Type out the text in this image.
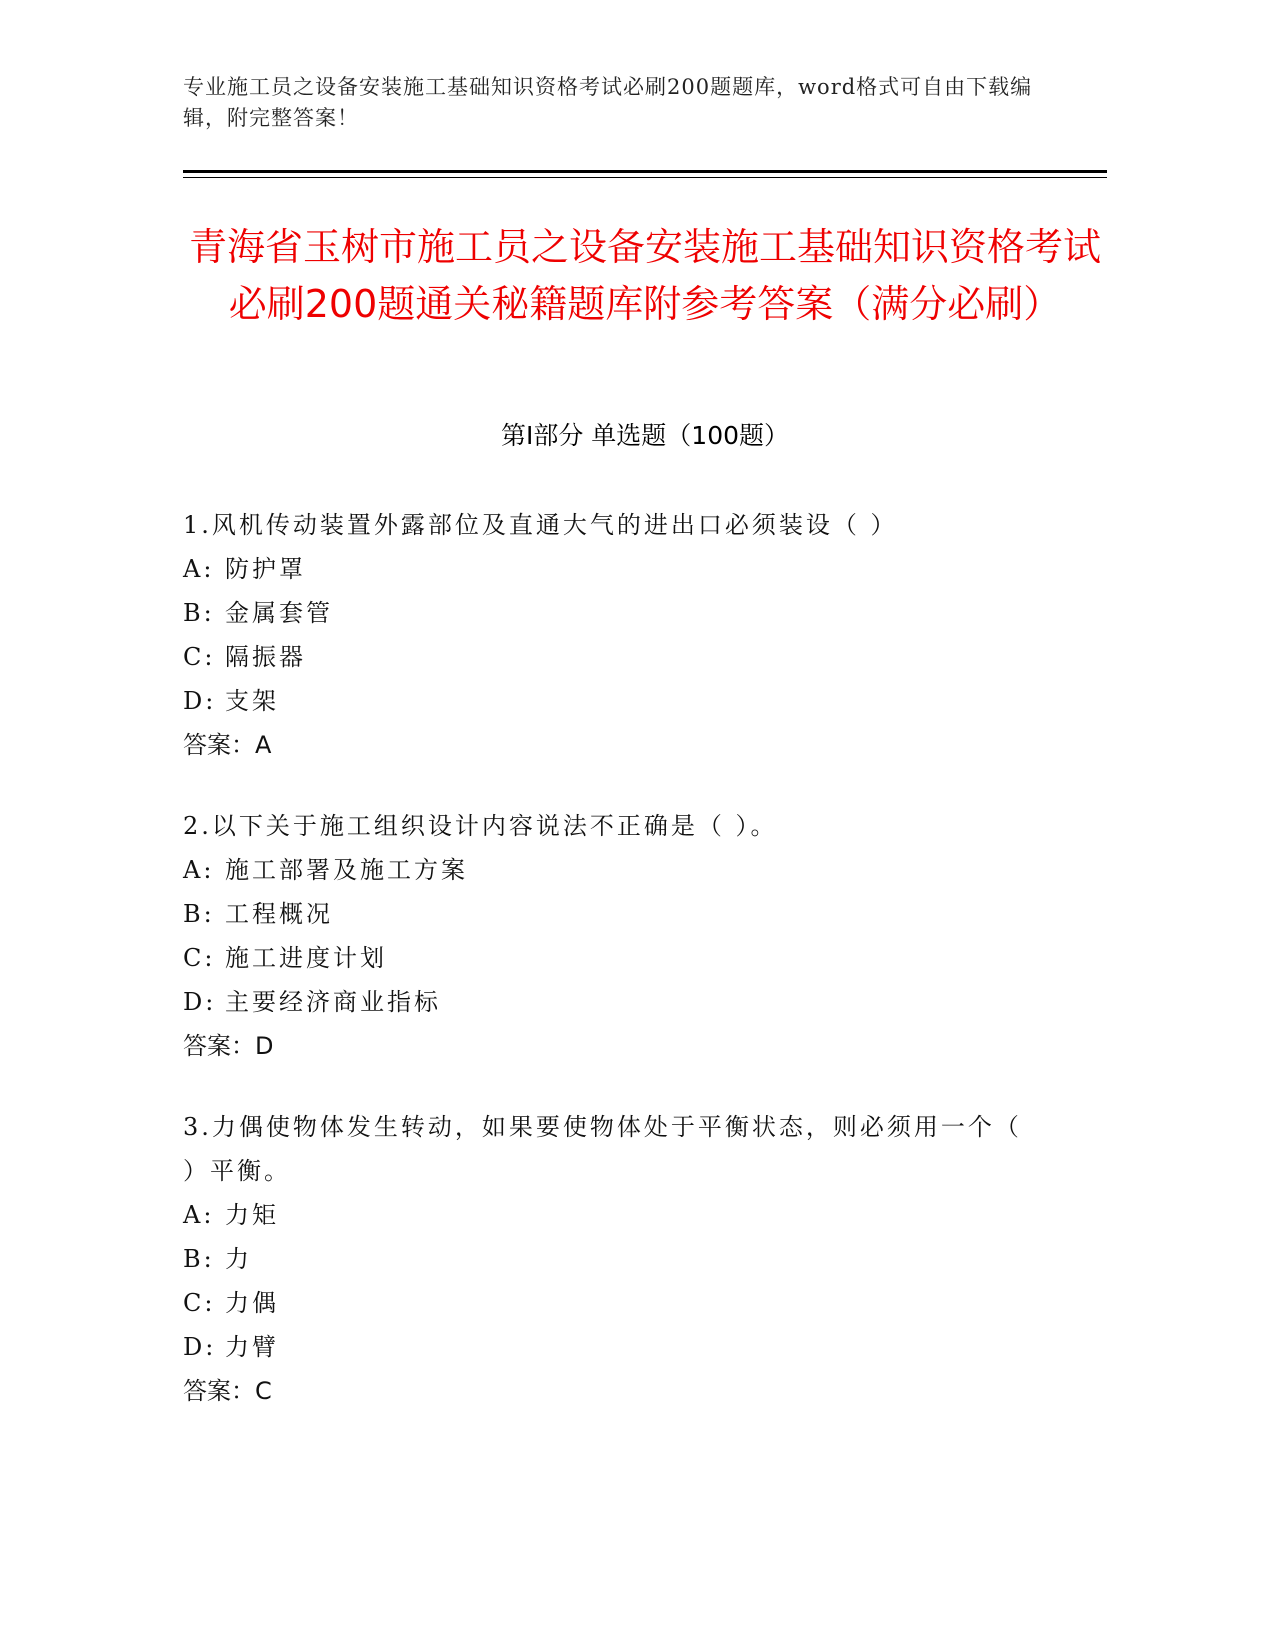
专业施工员之设备安装施工基础知识资格考试必刷200题题库，word格式可自由下载编辑，附完整答案！
青海省玉树市施工员之设备安装施工基础知识资格考试必刷200题通关秘籍题库附参考答案（满分必刷）
第Ⅰ部分 单选题（100题）
1.风机传动装置外露部位及直通大气的进出口必须装设（ ）
A: 防护罩
B: 金属套管
C: 隔振器
D: 支架
答案：A
2.以下关于施工组织设计内容说法不正确是（ ）。
A: 施工部署及施工方案
B: 工程概况
C: 施工进度计划
D: 主要经济商业指标
答案：D
3.力偶使物体发生转动，如果要使物体处于平衡状态，则必须用一个（ ）平衡。
A: 力矩
B: 力
C: 力偶
D: 力臂
答案：C
